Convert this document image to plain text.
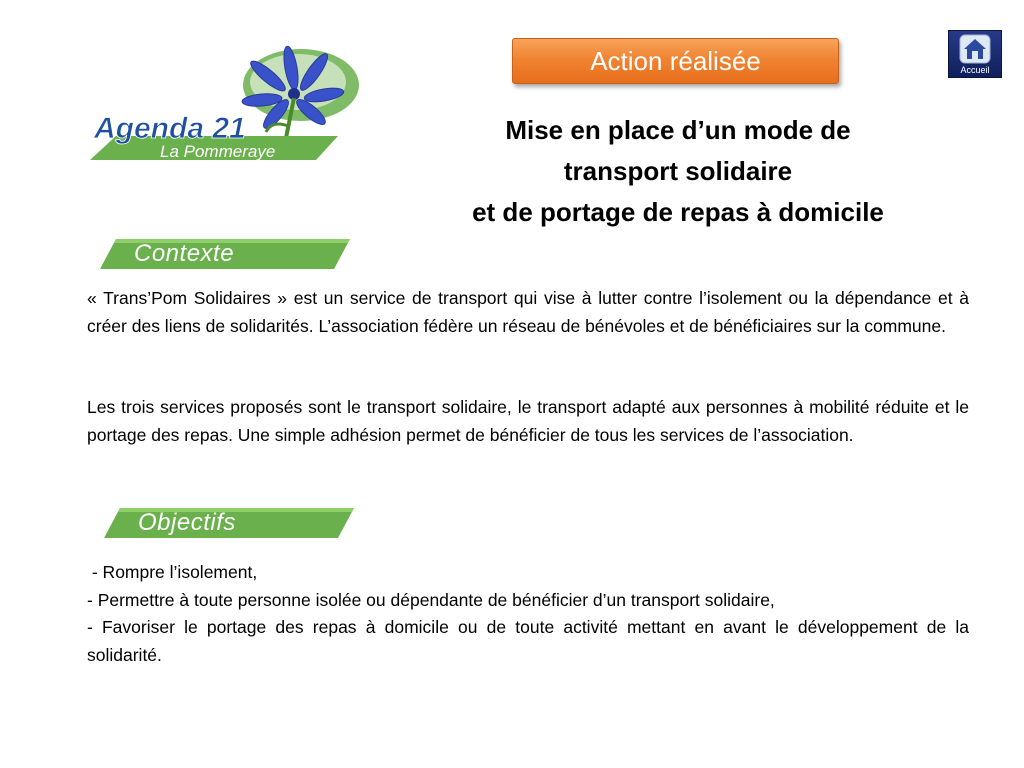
Agenda 21
La Pommeraye
Action réalisée	Accueil
Mise en place d’un mode de
transport solidaire
et de portage de repas à domicile
Contexte

« Trans’Pom Solidaires » est un service de transport qui vise à lutter contre l’isolement ou la dépendance et à créer des liens de solidarités. L’association fédère un réseau de bénévoles et de bénéficiaires sur la commune.

Les trois services proposés sont le transport solidaire, le transport adapté aux personnes à mobilité réduite et le portage des repas. Une simple adhésion permet de bénéficier de tous les services de l’association.

Objectifs
- Rompre l’isolement,
- Permettre à toute personne isolée ou dépendante de bénéficier d’un transport solidaire,
- Favoriser le portage des repas à domicile ou de toute activité mettant en avant le développement de la solidarité.
